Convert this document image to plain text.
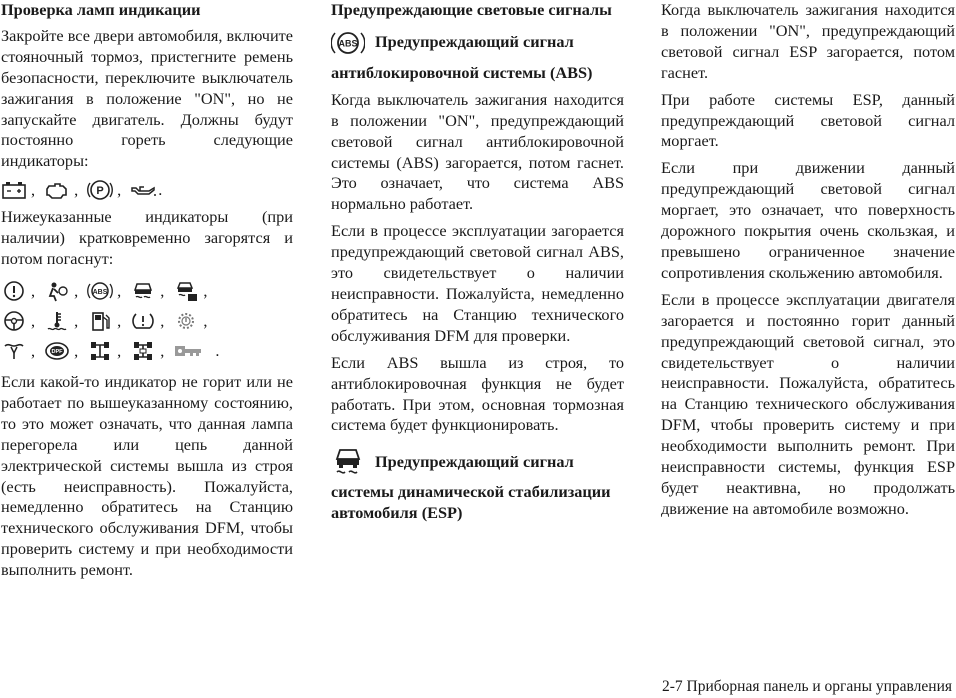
Проверка ламп индикации

Закройте все двери автомобиля, включите стояночный тормоз, пристегните ремень безопасности, переключите выключатель зажигания в положение "ON", но не запускайте двигатель. Должны будут постоянно гореть следующие индикаторы:

, , P , .

Нижеуказанные индикаторы (при наличии) кратковременно загорятся и потом погаснут:

, , ABS , , ,
, , , , ,
,	DPF , , ,	.

Если какой-то индикатор не горит или не работает по вышеуказанному состоянию, то это может означать, что данная лампа перегорела или цепь данной электрической системы вышла из строя (есть неисправность). Пожалуйста, немедленно обратитесь на Станцию технического обслуживания DFM, чтобы проверить систему и при необходимости выполнить ремонт.

Предупреждающие световые сигналы

ABS Предупреждающий сигнал
антиблокировочной системы (ABS)

Когда выключатель зажигания находится в положении "ON", предупреждающий световой сигнал антиблокировочной системы (ABS) загорается, потом гаснет. Это означает, что система ABS нормально работает.

Если в процессе эксплуатации загорается предупреждающий световой сигнал ABS, это свидетельствует о наличии неисправности. Пожалуйста, немедленно обратитесь на Станцию технического обслуживания DFM для проверки.

Если ABS вышла из строя, то антиблокировочная функция не будет работать. При этом, основная тормозная система будет функционировать.

Предупреждающий сигнал
системы динамической стабилизации автомобиля (ESP)

Когда выключатель зажигания находится в положении "ON", предупреждающий световой сигнал ESP загорается, потом гаснет.

При работе системы ESP, данный предупреждающий световой сигнал моргает.

Если при движении данный предупреждающий световой сигнал моргает, это означает, что поверхность дорожного покрытия очень скользкая, и превышено ограниченное значение сопротивления скольжению автомобиля.

Если в процессе эксплуатации двигателя загорается и постоянно горит данный предупреждающий световой сигнал, это свидетельствует о наличии неисправности. Пожалуйста, обратитесь на Станцию технического обслуживания DFM, чтобы проверить систему и при необходимости выполнить ремонт. При неисправности системы, функция ESP будет неактивна, но продолжать движение на автомобиле возможно.

2-7 Приборная панель и органы управления
